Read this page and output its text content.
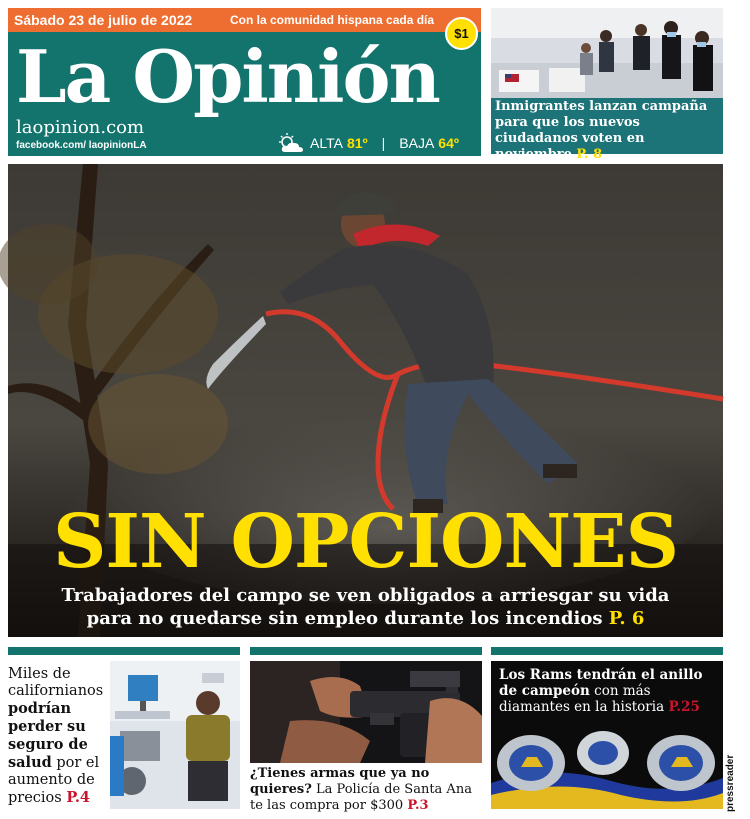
Sábado 23 de julio de 2022	Con la comunidad hispana cada día
$1
La Opinión
laopinion.com
facebook.com/ laopinionLA	ALTA 81º | BAJA 64º

Inmigrantes lanzan campaña para que los nuevos ciudadanos voten en noviembre P. 8

SIN OPCIONES

Trabajadores del campo se ven obligados a arriesgar su vida
para no quedarse sin empleo durante los incendios P. 6

Miles de californianos podrían perder su seguro de salud por el aumento de precios P.4

¿Tienes armas que ya no quieres? La Policía de Santa Ana te las compra por $300 P.3

Los Rams tendrán el anillo de campeón con más diamantes en la historia P.25

pressreader
